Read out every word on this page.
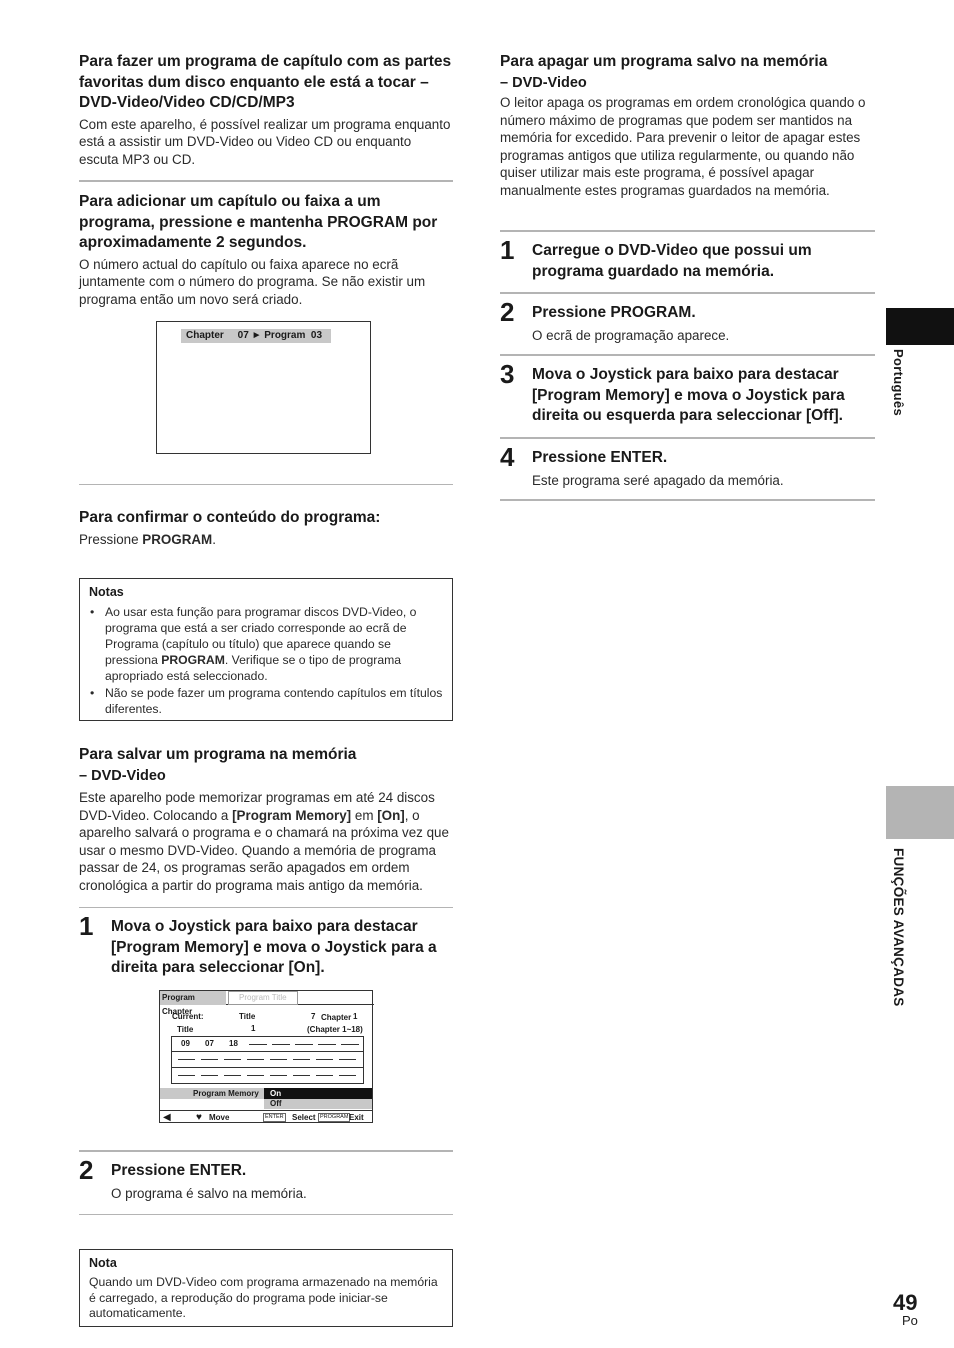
Para fazer um programa de capítulo com as partes favoritas dum disco enquanto ele está a tocar – DVD-Video/Video CD/CD/MP3

Com este aparelho, é possível realizar um programa enquanto está a assistir um DVD-Video ou Video CD ou enquanto escuta MP3 ou CD.

Para adicionar um capítulo ou faixa a um programa, pressione e mantenha PROGRAM por aproximadamente 2 segundos.

O número actual do capítulo ou faixa aparece no ecrã juntamente com o número do programa. Se não existir um programa então um novo será criado.

Chapter     07 ► Program  03
Para confirmar o conteúdo do programa:

Pressione PROGRAM.

Notas
• Ao usar esta função para programar discos DVD-Video, o programa que está a ser criado corresponde ao ecrã de Programa (capítulo ou título) que aparece quando se pressiona PROGRAM. Verifique se o tipo de programa apropriado está seleccionado.
• Não se pode fazer um programa contendo capítulos em títulos diferentes.
Para salvar um programa na memória
– DVD-Video

Este aparelho pode memorizar programas em até 24 discos DVD-Video. Colocando a [Program Memory] em [On], o aparelho salvará o programa e o chamará na próxima vez que usar o mesmo DVD-Video. Quando a memória de programa passar de 24, os programas serão apagados em ordem cronológica a partir do programa mais antigo da memória.

1 Mova o Joystick para baixo para destacar [Program Memory] e mova o Joystick para a direita para seleccionar [On].
Program Chapter
Program Title
Current:	Title
1
7 Chapter 1
Title	(Chapter 1~18)
09 07 18
Program Memory	On
Off
◀	♥ Move	ENTER Select PROGRAM Exit
2 Pressione ENTER.

O programa é salvo na memória.

Nota

Quando um DVD-Video com programa armazenado na memória é carregado, a reprodução do programa pode iniciar-se automaticamente.

Para apagar um programa salvo na memória
– DVD-Video

O leitor apaga os programas em ordem cronológica quando o número máximo de programas que podem ser mantidos na memória for excedido. Para prevenir o leitor de apagar estes programas antigos que utiliza regularmente, ou quando não quiser utilizar mais este programa, é possível apagar manualmente estes programas guardados na memória.

1 Carregue o DVD-Video que possui um programa guardado na memória.
2 Pressione PROGRAM.

O ecrã de programação aparece.

3 Mova o Joystick para baixo para destacar [Program Memory] e mova o Joystick para direita ou esquerda para seleccionar [Off].
4 Pressione ENTER.

Este programa seré apagado da memória.

Português
FUNÇÕES AVANÇADAS
49
Po
